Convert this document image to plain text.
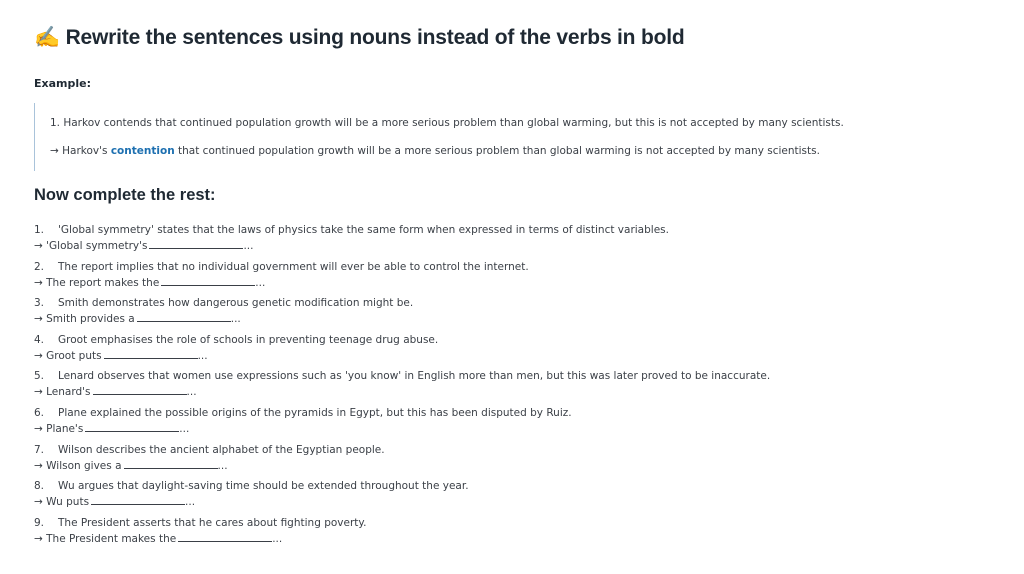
✍️ Rewrite the sentences using nouns instead of the verbs in bold
Example:
1. Harkov contends that continued population growth will be a more serious problem than global warming, but this is not accepted by many scientists.
→ Harkov's contention that continued population growth will be a more serious problem than global warming is not accepted by many scientists.
Now complete the rest:
1. 'Global symmetry' states that the laws of physics take the same form when expressed in terms of distinct variables.
→ 'Global symmetry's	...
2. The report implies that no individual government will ever be able to control the internet.
→ The report makes the	...
3. Smith demonstrates how dangerous genetic modification might be.
→ Smith provides a	...
4. Groot emphasises the role of schools in preventing teenage drug abuse.
→ Groot puts	...
5. Lenard observes that women use expressions such as 'you know' in English more than men, but this was later proved to be inaccurate.
→ Lenard's	...
6. Plane explained the possible origins of the pyramids in Egypt, but this has been disputed by Ruiz.
→ Plane's	...
7. Wilson describes the ancient alphabet of the Egyptian people.
→ Wilson gives a	...
8. Wu argues that daylight-saving time should be extended throughout the year.
→ Wu puts	...
9. The President asserts that he cares about fighting poverty.
→ The President makes the	...
